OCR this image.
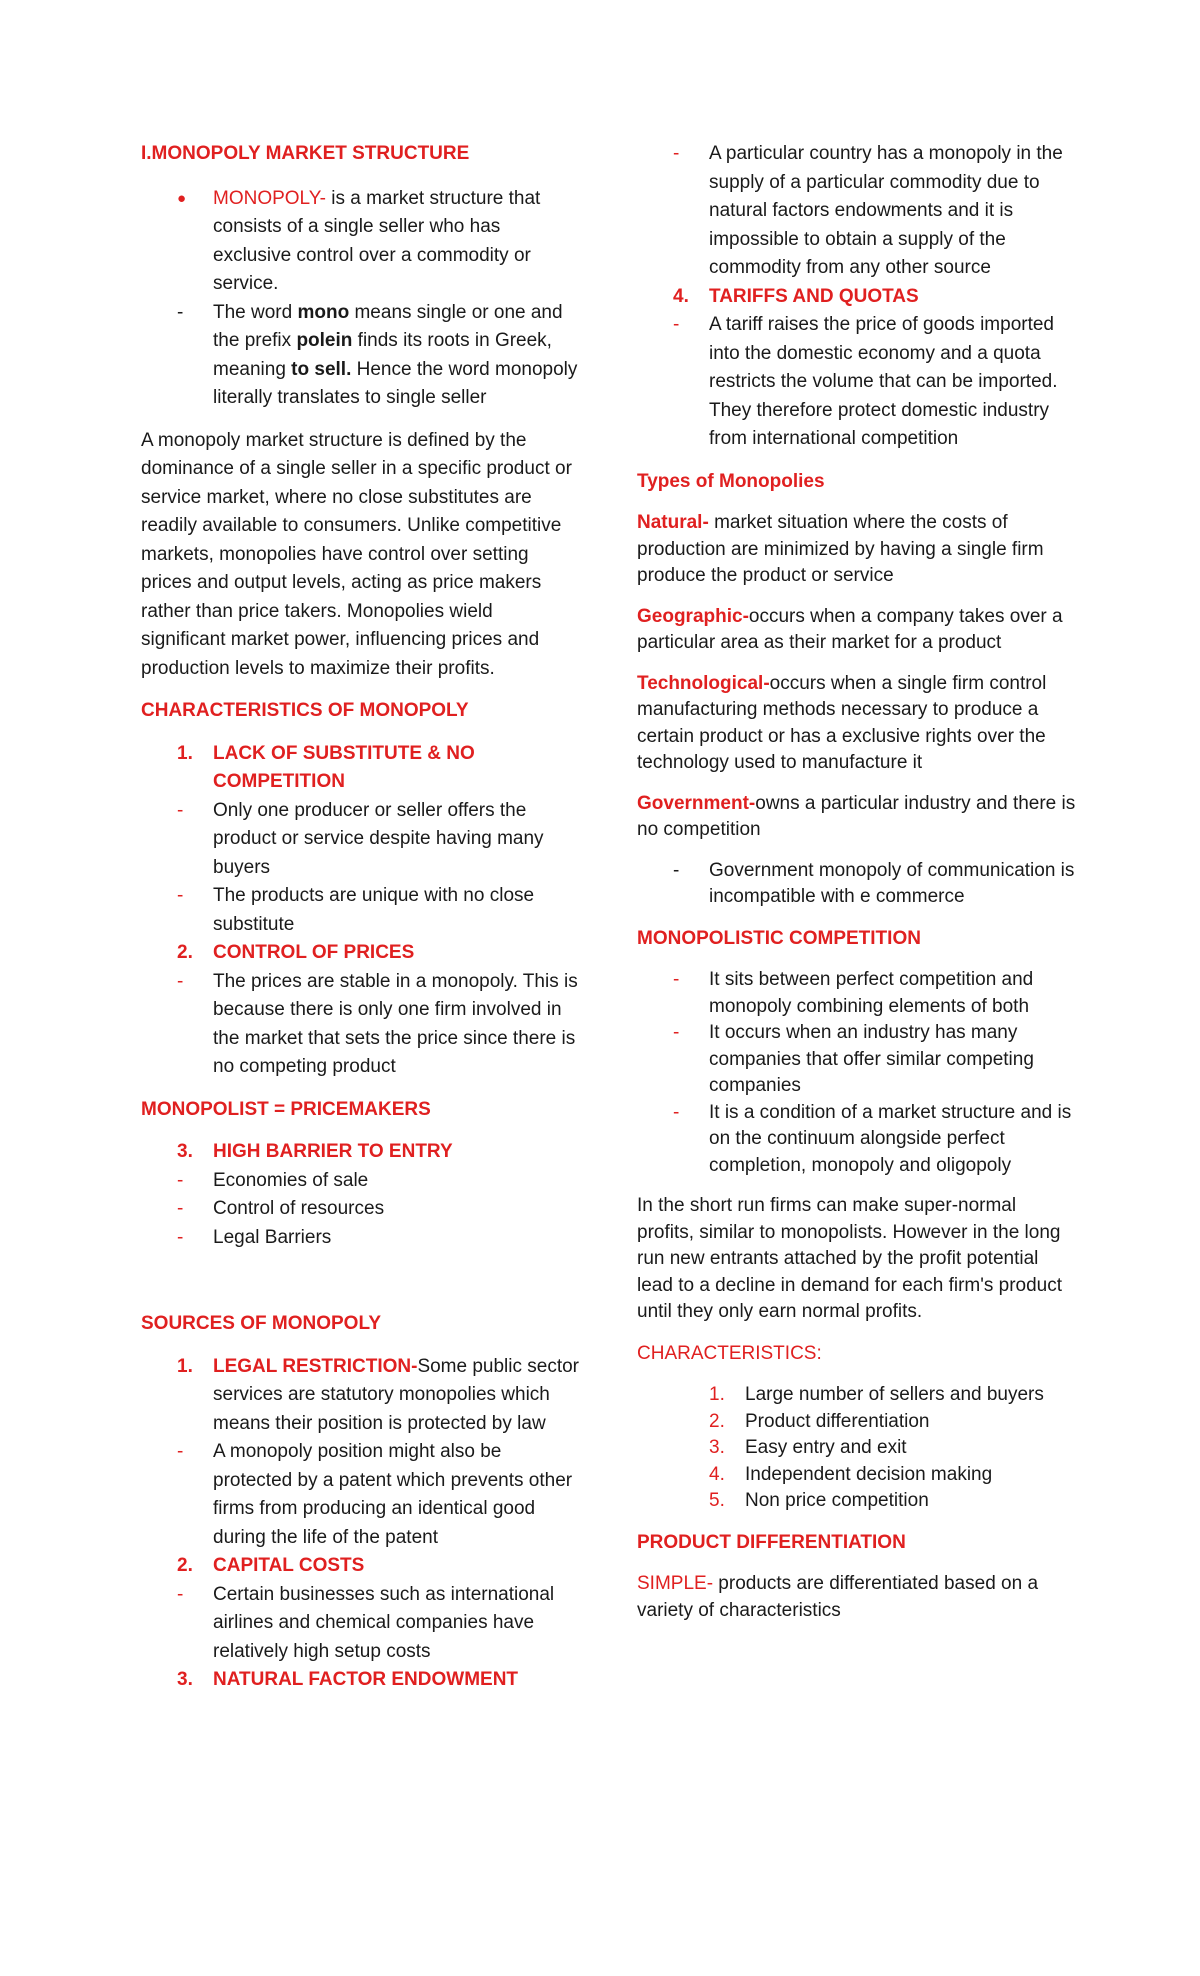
I.MONOPOLY MARKET STRUCTURE
● MONOPOLY- is a market structure that consists of a single seller who has exclusive control over a commodity or service.
- The word mono means single or one and the prefix polein finds its roots in Greek, meaning to sell. Hence the word monopoly literally translates to single seller

A monopoly market structure is defined by the dominance of a single seller in a specific product or service market, where no close substitutes are readily available to consumers. Unlike competitive markets, monopolies have control over setting prices and output levels, acting as price makers rather than price takers. Monopolies wield significant market power, influencing prices and production levels to maximize their profits.

CHARACTERISTICS OF MONOPOLY
1. LACK OF SUBSTITUTE & NO COMPETITION
- Only one producer or seller offers the product or service despite having many buyers
- The products are unique with no close substitute
2. CONTROL OF PRICES
- The prices are stable in a monopoly. This is because there is only one firm involved in the market that sets the price since there is no competing product
MONOPOLIST = PRICEMAKERS
3. HIGH BARRIER TO ENTRY
- Economies of sale
- Control of resources
- Legal Barriers
SOURCES OF MONOPOLY
1. LEGAL RESTRICTION-Some public sector services are statutory monopolies which means their position is protected by law
- A monopoly position might also be protected by a patent which prevents other firms from producing an identical good during the life of the patent
2. CAPITAL COSTS
- Certain businesses such as international airlines and chemical companies have relatively high setup costs
3. NATURAL FACTOR ENDOWMENT
- A particular country has a monopoly in the supply of a particular commodity due to natural factors endowments and it is impossible to obtain a supply of the commodity from any other source
4. TARIFFS AND QUOTAS
- A tariff raises the price of goods imported into the domestic economy and a quota restricts the volume that can be imported. They therefore protect domestic industry from international competition
Types of Monopolies

Natural- market situation where the costs of production are minimized by having a single firm produce the product or service

Geographic-occurs when a company takes over a particular area as their market for a product

Technological-occurs when a single firm control manufacturing methods necessary to produce a certain product or has a exclusive rights over the technology used to manufacture it

Government-owns a particular industry and there is no competition

- Government monopoly of communication is incompatible with e commerce
MONOPOLISTIC COMPETITION
- It sits between perfect competition and monopoly combining elements of both
- It occurs when an industry has many companies that offer similar competing companies
- It is a condition of a market structure and is on the continuum alongside perfect completion, monopoly and oligopoly

In the short run firms can make super-normal profits, similar to monopolists. However in the long run new entrants attached by the profit potential lead to a decline in demand for each firm's product until they only earn normal profits.

CHARACTERISTICS:
1. Large number of sellers and buyers
2. Product differentiation
3. Easy entry and exit
4. Independent decision making
5. Non price competition
PRODUCT DIFFERENTIATION

SIMPLE- products are differentiated based on a variety of characteristics
